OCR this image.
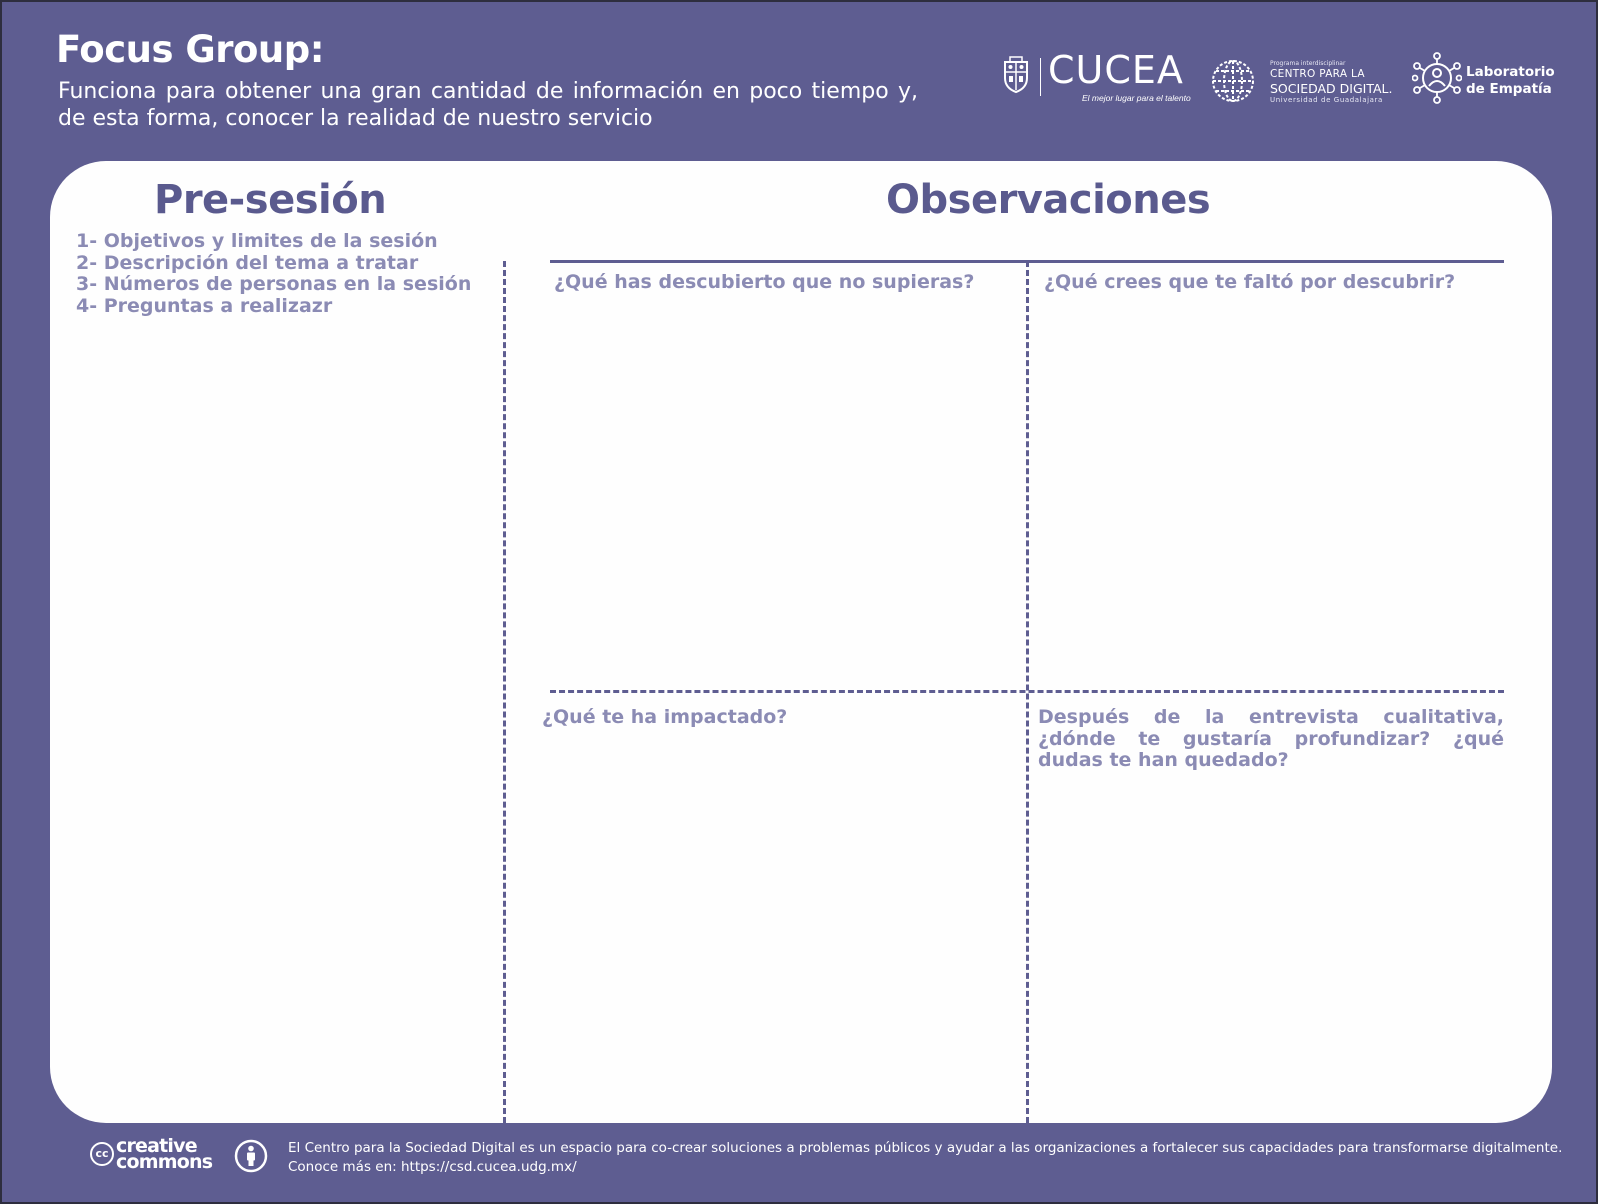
Focus Group:
Funciona para obtener una gran cantidad de información en poco tiempo y, de esta forma, conocer la realidad de nuestro servicio
CUCEA
El mejor lugar para el talento
Programa interdisciplinar
CENTRO PARA LA
SOCIEDAD DIGITAL.
Universidad de Guadalajara
Laboratorio
de Empatía
Pre-sesión
1- Objetivos y limites de la sesión
2- Descripción del tema a tratar
3- Números de personas en la sesión
4- Preguntas a realizazr
Observaciones
¿Qué has descubierto que no supieras?	¿Qué crees que te faltó por descubrir?
¿Qué te ha impactado?	Después de la entrevista cualitativa, ¿dónde te gustaría profundizar? ¿qué dudas te han quedado?
cc creative
commons
El Centro para la Sociedad Digital es un espacio para co-crear soluciones a problemas públicos y ayudar a las organizaciones a fortalecer sus capacidades para transformarse digitalmente.
Conoce más en: https://csd.cucea.udg.mx/
